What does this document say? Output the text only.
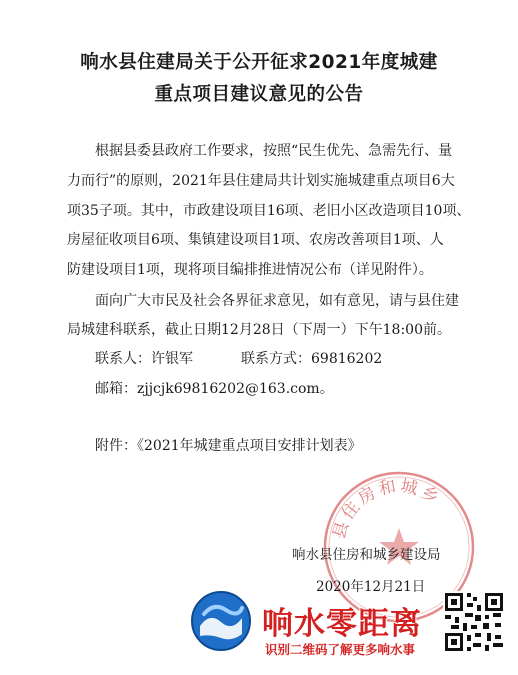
响水县住建局关于公开征求2021年度城建
重点项目建议意见的公告
　　根据县委县政府工作要求，按照“民生优先、急需先行、量
力而行”的原则，2021年县住建局共计划实施城建重点项目6大
项35子项。其中，市政建设项目16项、老旧小区改造项目10项、
房屋征收项目6项、集镇建设项目1项、农房改善项目1项、人
防建设项目1项，现将项目编排推进情况公布（详见附件）。
　　面向广大市民及社会各界征求意见，如有意见，请与县住建
局城建科联系，截止日期12月28日（下周一）下午18:00前。
　　联系人：许银军	联系方式：69816202
　　邮箱：zjjcjk69816202@163.com。
　　附件：《2021年城建重点项目安排计划表》
县住房和城乡
响水县住房和城乡建设局
2020年12月21日
响水零距离
识别二维码了解更多响水事
